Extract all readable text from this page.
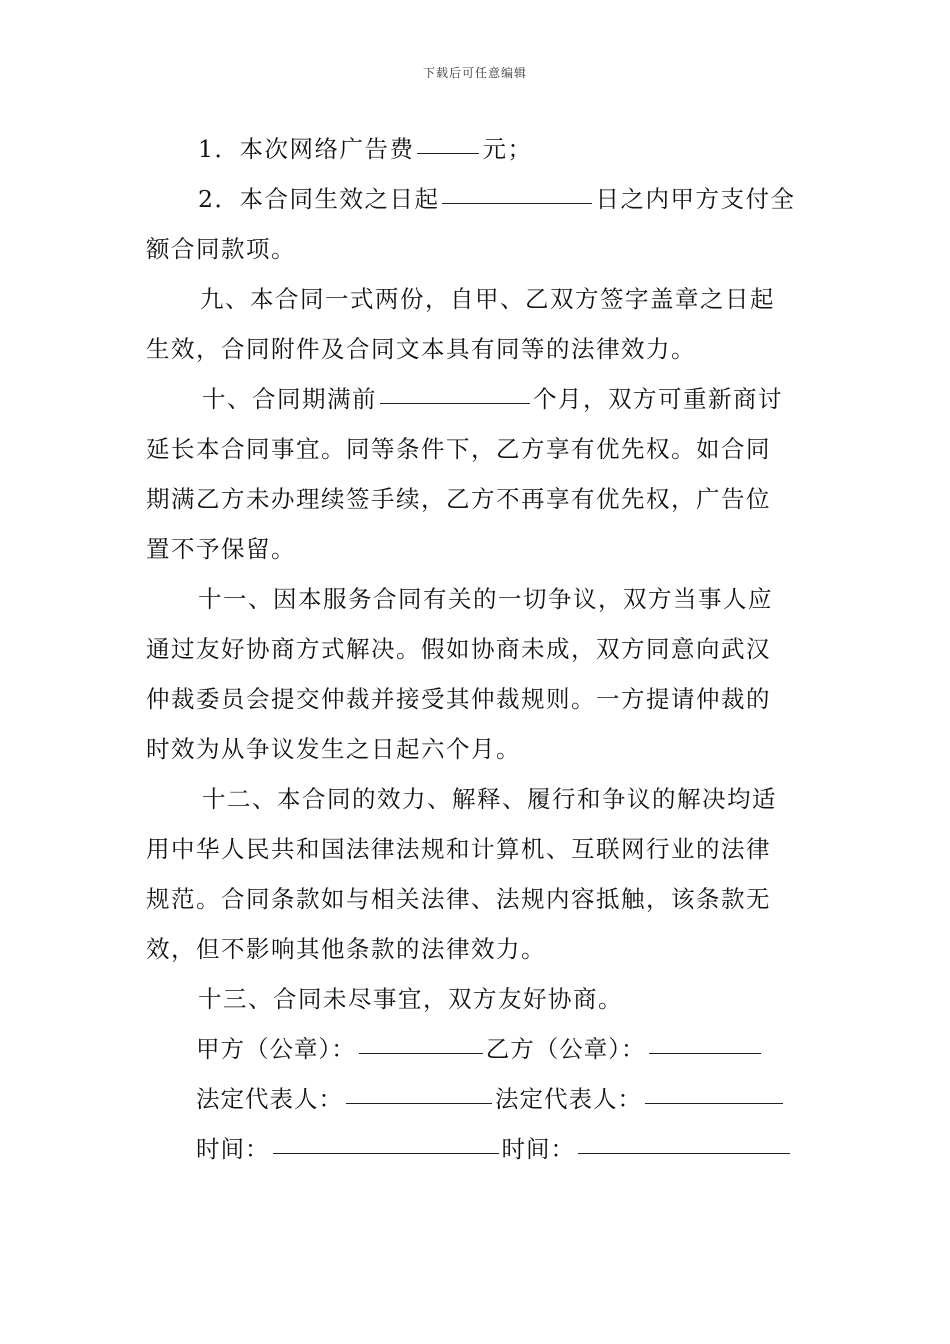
下载后可任意编辑
1．本次网络广告费	元；
2．本合同生效之日起	日之内甲方支付全
额合同款项。
九、本合同一式两份，自甲、乙双方签字盖章之日起
生效，合同附件及合同文本具有同等的法律效力。
十、合同期满前	个月，双方可重新商讨
延长本合同事宜。同等条件下，乙方享有优先权。如合同
期满乙方未办理续签手续，乙方不再享有优先权，广告位
置不予保留。
十一、因本服务合同有关的一切争议，双方当事人应
通过友好协商方式解决。假如协商未成，双方同意向武汉
仲裁委员会提交仲裁并接受其仲裁规则。一方提请仲裁的
时效为从争议发生之日起六个月。
十二、本合同的效力、解释、履行和争议的解决均适
用中华人民共和国法律法规和计算机、互联网行业的法律
规范。合同条款如与相关法律、法规内容抵触，该条款无
效，但不影响其他条款的法律效力。
十三、合同未尽事宜，双方友好协商。
甲方（公章）：	乙方（公章）：
法定代表人：	法定代表人：
时间：	时间：
